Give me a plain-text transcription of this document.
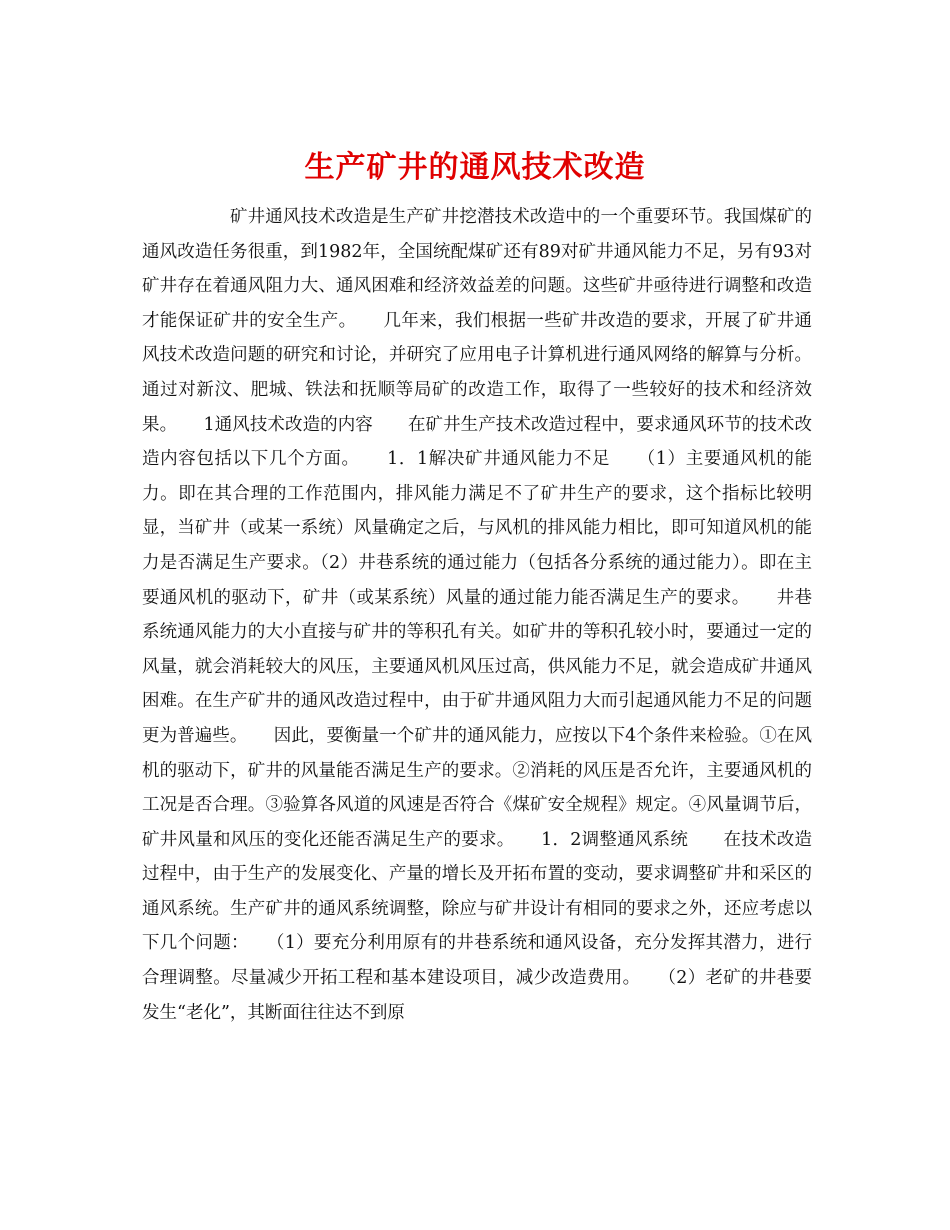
生产矿井的通风技术改造

矿井通风技术改造是生产矿井挖潜技术改造中的一个重要环节。我国煤矿的通风改造任务很重，到1982年，全国统配煤矿还有89对矿井通风能力不足，另有93对矿井存在着通风阻力大、通风困难和经济效益差的问题。这些矿井亟待进行调整和改造才能保证矿井的安全生产。　　几年来，我们根据一些矿井改造的要求，开展了矿井通风技术改造问题的研究和讨论，并研究了应用电子计算机进行通风网络的解算与分析。通过对新汶、肥城、铁法和抚顺等局矿的改造工作，取得了一些较好的技术和经济效果。　　1通风技术改造的内容　　在矿井生产技术改造过程中，要求通风环节的技术改造内容包括以下几个方面。　　1．1解决矿井通风能力不足　　（1）主要通风机的能力。即在其合理的工作范围内，排风能力满足不了矿井生产的要求，这个指标比较明显，当矿井（或某一系统）风量确定之后，与风机的排风能力相比，即可知道风机的能力是否满足生产要求。（2）井巷系统的通过能力（包括各分系统的通过能力）。即在主要通风机的驱动下，矿井（或某系统）风量的通过能力能否满足生产的要求。　　井巷系统通风能力的大小直接与矿井的等积孔有关。如矿井的等积孔较小时，要通过一定的风量，就会消耗较大的风压，主要通风机风压过高，供风能力不足，就会造成矿井通风困难。在生产矿井的通风改造过程中，由于矿井通风阻力大而引起通风能力不足的问题更为普遍些。　　因此，要衡量一个矿井的通风能力，应按以下4个条件来检验。①在风机的驱动下，矿井的风量能否满足生产的要求。②消耗的风压是否允许，主要通风机的工况是否合理。③验算各风道的风速是否符合《煤矿安全规程》规定。④风量调节后，矿井风量和风压的变化还能否满足生产的要求。　　1．2调整通风系统　　在技术改造过程中，由于生产的发展变化、产量的增长及开拓布置的变动，要求调整矿井和采区的通风系统。生产矿井的通风系统调整，除应与矿井设计有相同的要求之外，还应考虑以下几个问题：　　（1）要充分利用原有的井巷系统和通风设备，充分发挥其潜力，进行合理调整。尽量减少开拓工程和基本建设项目，减少改造费用。　　（2）老矿的井巷要发生“老化”，其断面往往达不到原
